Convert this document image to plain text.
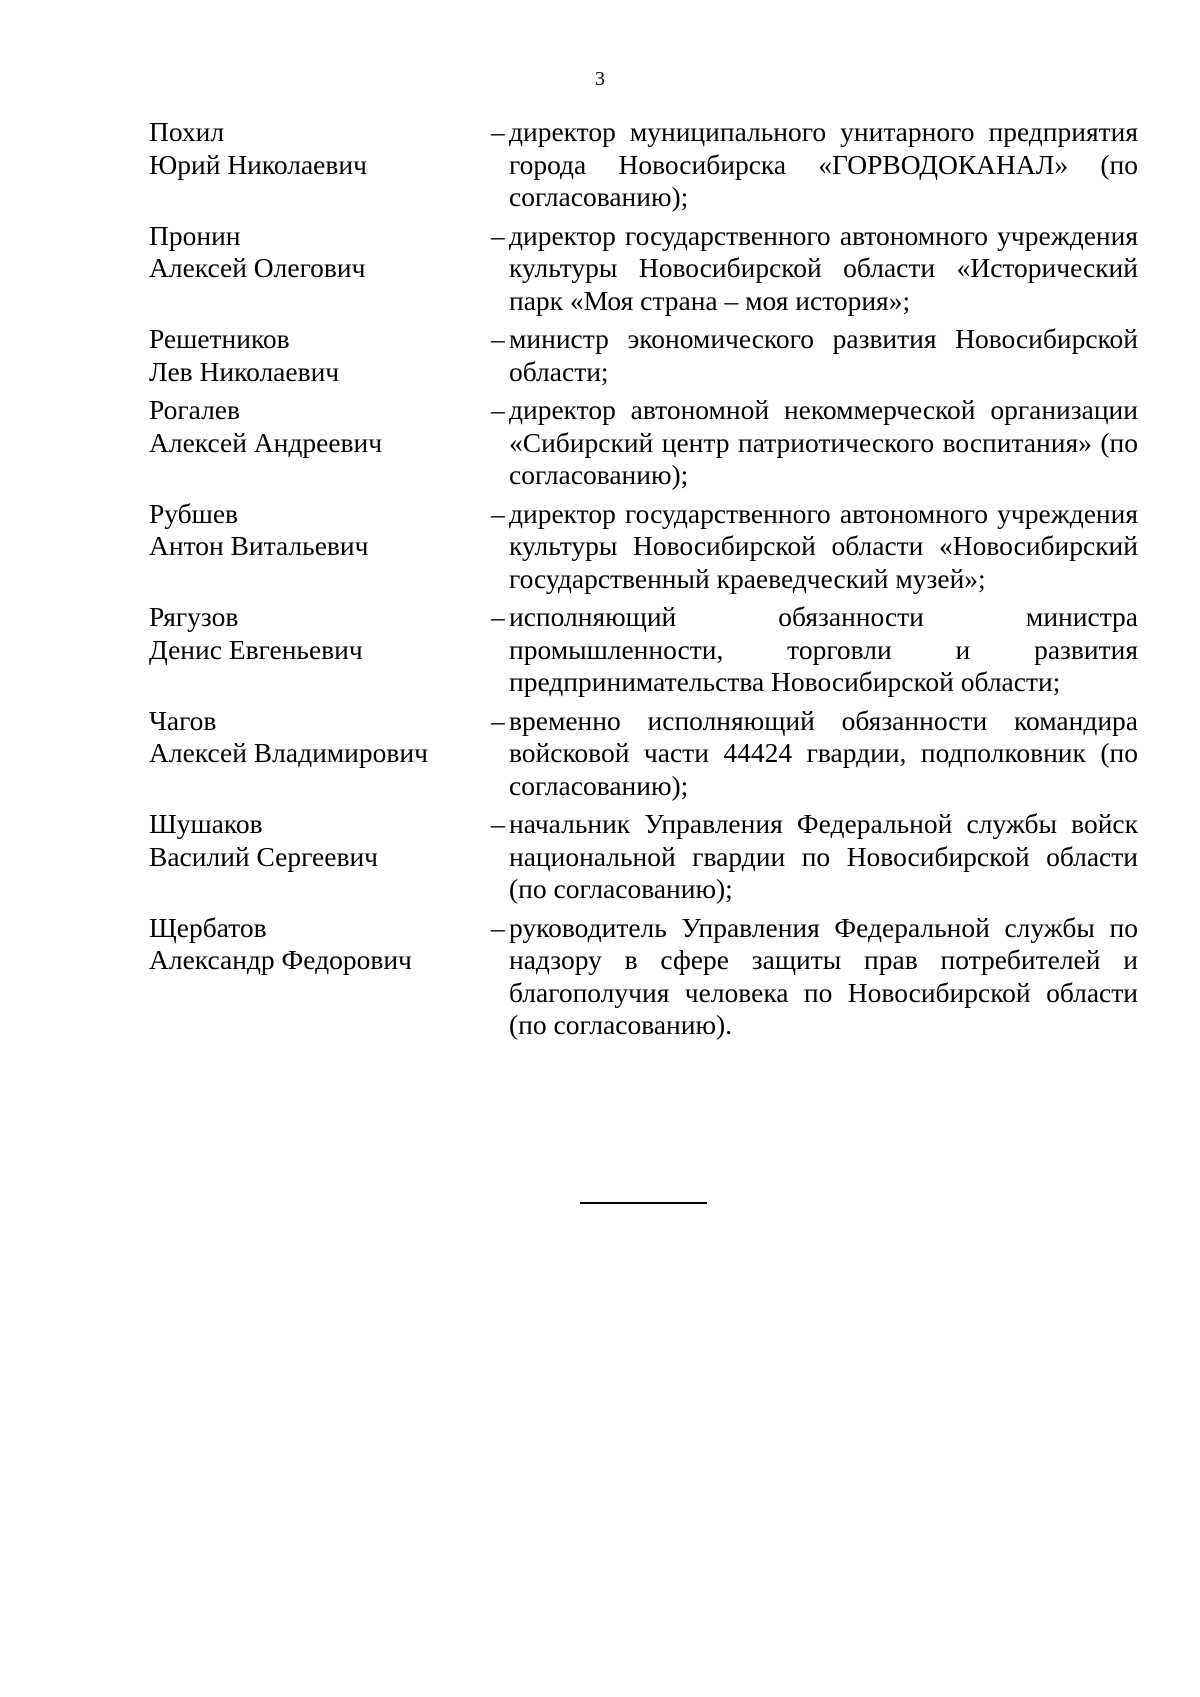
3
Похил
Юрий Николаевич
– директор муниципального унитарного предприятия города Новосибирска «ГОРВОДОКАНАЛ» (по согласованию);
Пронин
Алексей Олегович
– директор государственного автономного учреждения культуры Новосибирской области «Исторический парк «Моя страна – моя история»;
Решетников
Лев Николаевич
– министр экономического развития Новосибирской области;
Рогалев
Алексей Андреевич
– директор автономной некоммерческой организации «Сибирский центр патриотического воспитания» (по согласованию);
Рубшев
Антон Витальевич
– директор государственного автономного учреждения культуры Новосибирской области «Новосибирский государственный краеведческий музей»;
Рягузов
Денис Евгеньевич
– исполняющий обязанности министра промышленности, торговли и развития предпринимательства Новосибирской области;
Чагов
Алексей Владимирович
– временно исполняющий обязанности командира войсковой части 44424 гвардии, подполковник (по согласованию);
Шушаков
Василий Сергеевич
– начальник Управления Федеральной службы войск национальной гвардии по Новосибирской области (по согласованию);
Щербатов
Александр Федорович
– руководитель Управления Федеральной службы по надзору в сфере защиты прав потребителей и благополучия человека по Новосибирской области (по согласованию).
